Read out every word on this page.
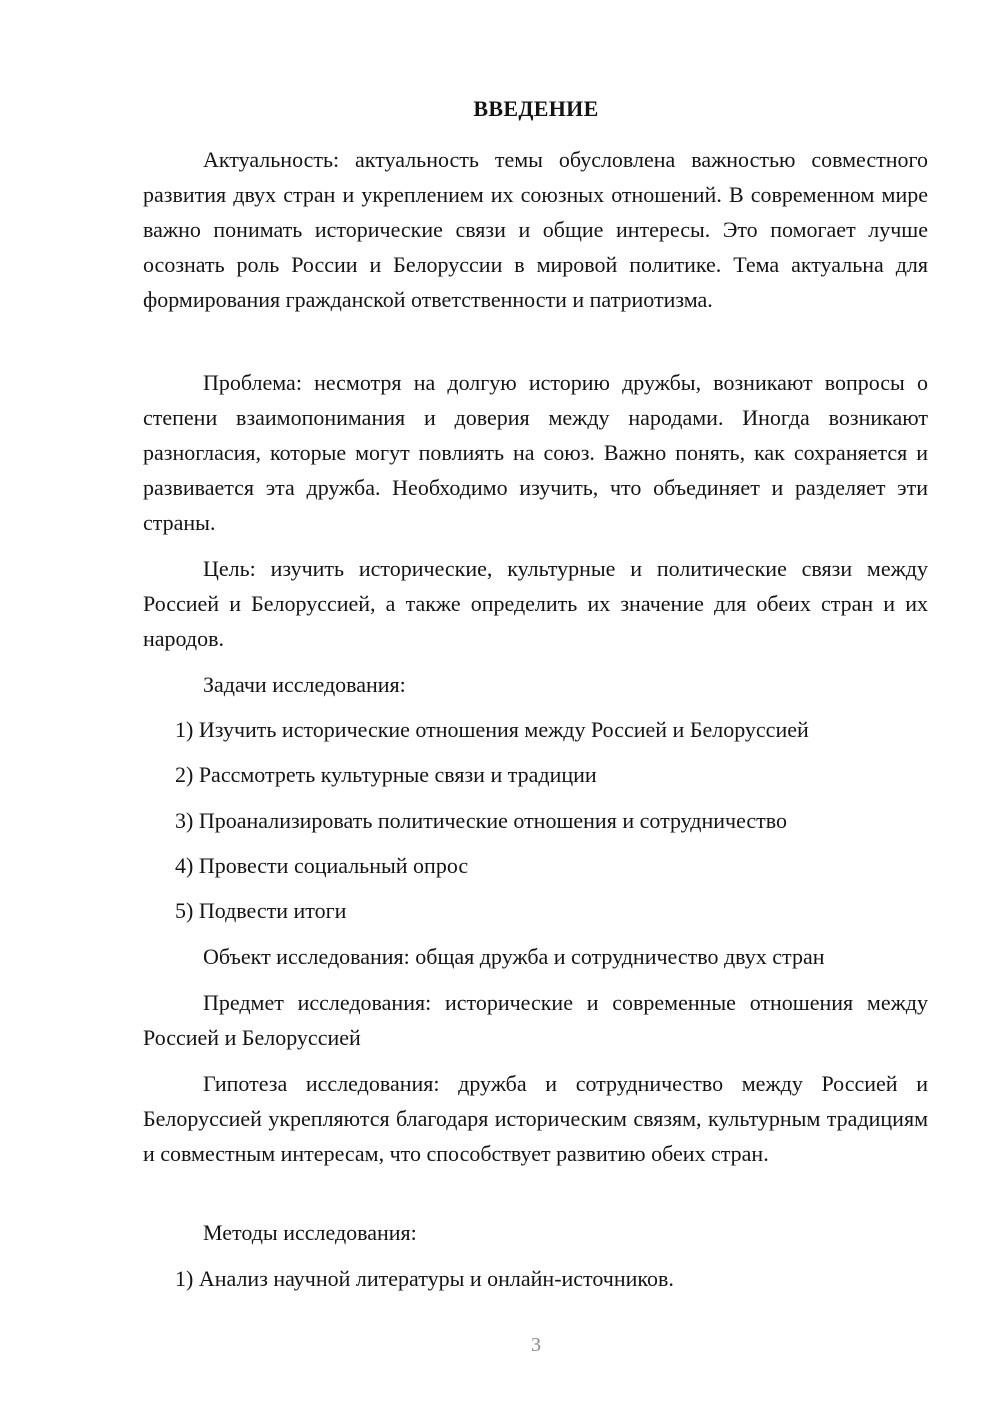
ВВЕДЕНИЕ

Актуальность: актуальность темы обусловлена важностью совместного развития двух стран и укреплением их союзных отношений. В современном мире важно понимать исторические связи и общие интересы. Это помогает лучше осознать роль России и Белоруссии в мировой политике. Тема актуальна для формирования гражданской ответственности и патриотизма.

Проблема: несмотря на долгую историю дружбы, возникают вопросы о степени взаимопонимания и доверия между народами. Иногда возникают разногласия, которые могут повлиять на союз. Важно понять, как сохраняется и развивается эта дружба. Необходимо изучить, что объединяет и разделяет эти страны.

Цель: изучить исторические, культурные и политические связи между Россией и Белоруссией, а также определить их значение для обеих стран и их народов.

Задачи исследования:

1) Изучить исторические отношения между Россией и Белоруссией

2) Рассмотреть культурные связи и традиции

3) Проанализировать политические отношения и сотрудничество

4) Провести социальный опрос

5) Подвести итоги

Объект исследования: общая дружба и сотрудничество двух стран

Предмет исследования: исторические и современные отношения между Россией и Белоруссией

Гипотеза исследования: дружба и сотрудничество между Россией и Белоруссией укрепляются благодаря историческим связям, культурным традициям и совместным интересам, что способствует развитию обеих стран.

Методы исследования:

1) Анализ научной литературы и онлайн-источников.

3
